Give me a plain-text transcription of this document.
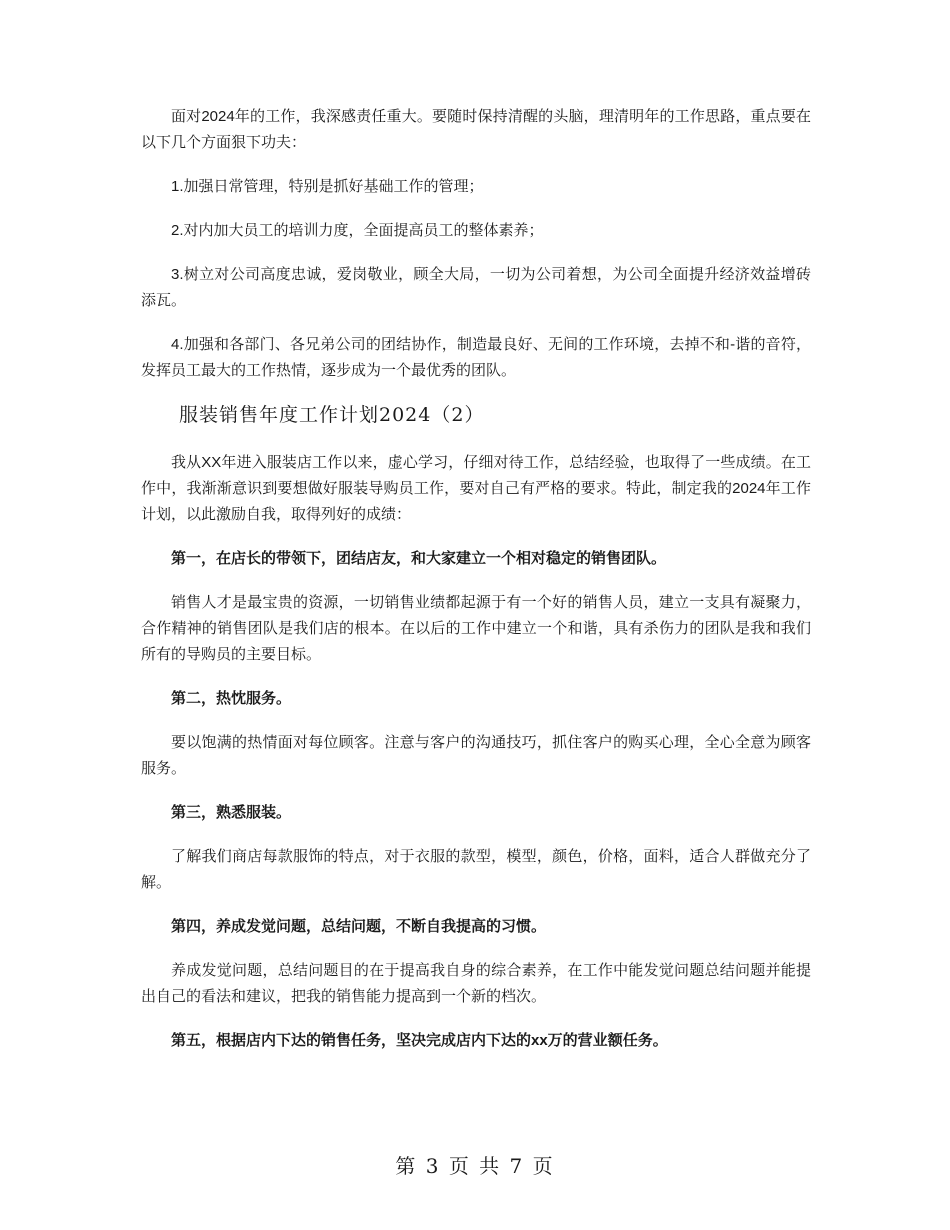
面对2024年的工作，我深感责任重大。要随时保持清醒的头脑，理清明年的工作思路，重点要在以下几个方面狠下功夫：

1.加强日常管理，特别是抓好基础工作的管理；

2.对内加大员工的培训力度，全面提高员工的整体素养；

3.树立对公司高度忠诚，爱岗敬业，顾全大局，一切为公司着想，为公司全面提升经济效益增砖添瓦。

4.加强和各部门、各兄弟公司的团结协作，制造最良好、无间的工作环境，去掉不和-谐的音符，发挥员工最大的工作热情，逐步成为一个最优秀的团队。

服装销售年度工作计划2024（2）

我从XX年进入服装店工作以来，虚心学习，仔细对待工作，总结经验，也取得了一些成绩。在工作中，我渐渐意识到要想做好服装导购员工作，要对自己有严格的要求。特此，制定我的2024年工作计划，以此激励自我，取得列好的成绩：

第一，在店长的带领下，团结店友，和大家建立一个相对稳定的销售团队。

销售人才是最宝贵的资源，一切销售业绩都起源于有一个好的销售人员，建立一支具有凝聚力，合作精神的销售团队是我们店的根本。在以后的工作中建立一个和谐，具有杀伤力的团队是我和我们所有的导购员的主要目标。

第二，热忱服务。

要以饱满的热情面对每位顾客。注意与客户的沟通技巧，抓住客户的购买心理，全心全意为顾客服务。

第三，熟悉服装。

了解我们商店每款服饰的特点，对于衣服的款型，模型，颜色，价格，面料，适合人群做充分了解。

第四，养成发觉问题，总结问题，不断自我提高的习惯。

养成发觉问题，总结问题目的在于提高我自身的综合素养，在工作中能发觉问题总结问题并能提出自己的看法和建议，把我的销售能力提高到一个新的档次。

第五，根据店内下达的销售任务，坚决完成店内下达的xx万的营业额任务。

第 3 页 共 7 页
